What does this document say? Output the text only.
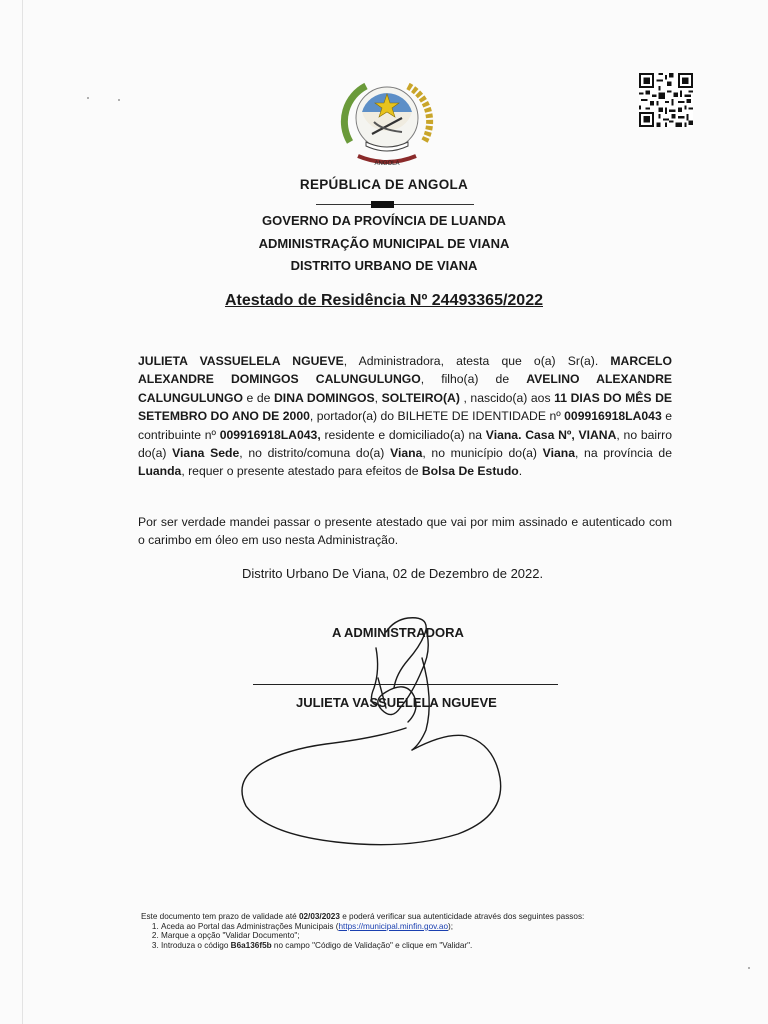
ANGOLA
REPÚBLICA DE ANGOLA
GOVERNO DA PROVÍNCIA DE LUANDA
ADMINISTRAÇÃO MUNICIPAL DE VIANA
DISTRITO URBANO DE VIANA
Atestado de Residência Nº 24493365/2022
JULIETA VASSUELELA NGUEVE, Administradora, atesta que o(a) Sr(a). MARCELO ALEXANDRE DOMINGOS CALUNGULUNGO, filho(a) de AVELINO ALEXANDRE CALUNGULUNGO e de DINA DOMINGOS, SOLTEIRO(A) , nascido(a) aos 11 DIAS DO MÊS DE SETEMBRO DO ANO DE 2000, portador(a) do BILHETE DE IDENTIDADE nº 009916918LA043 e contribuinte nº 009916918LA043, residente e domiciliado(a) na Viana. Casa Nº, VIANA, no bairro do(a) Viana Sede, no distrito/comuna do(a) Viana, no município do(a) Viana, na província de Luanda, requer o presente atestado para efeitos de Bolsa De Estudo.
Por ser verdade mandei passar o presente atestado que vai por mim assinado e autenticado com o carimbo em óleo em uso nesta Administração.
Distrito Urbano De Viana, 02 de Dezembro de 2022.
A ADMINISTRADORA
JULIETA VASSUELELA NGUEVE
Este documento tem prazo de validade até 02/03/2023 e poderá verificar sua autenticidade através dos seguintes passos:
1. Aceda ao Portal das Administrações Municipais (https://municipal.minfin.gov.ao);
2. Marque a opção "Validar Documento";
3. Introduza o código B6a136f5b no campo "Código de Validação" e clique em "Validar".
